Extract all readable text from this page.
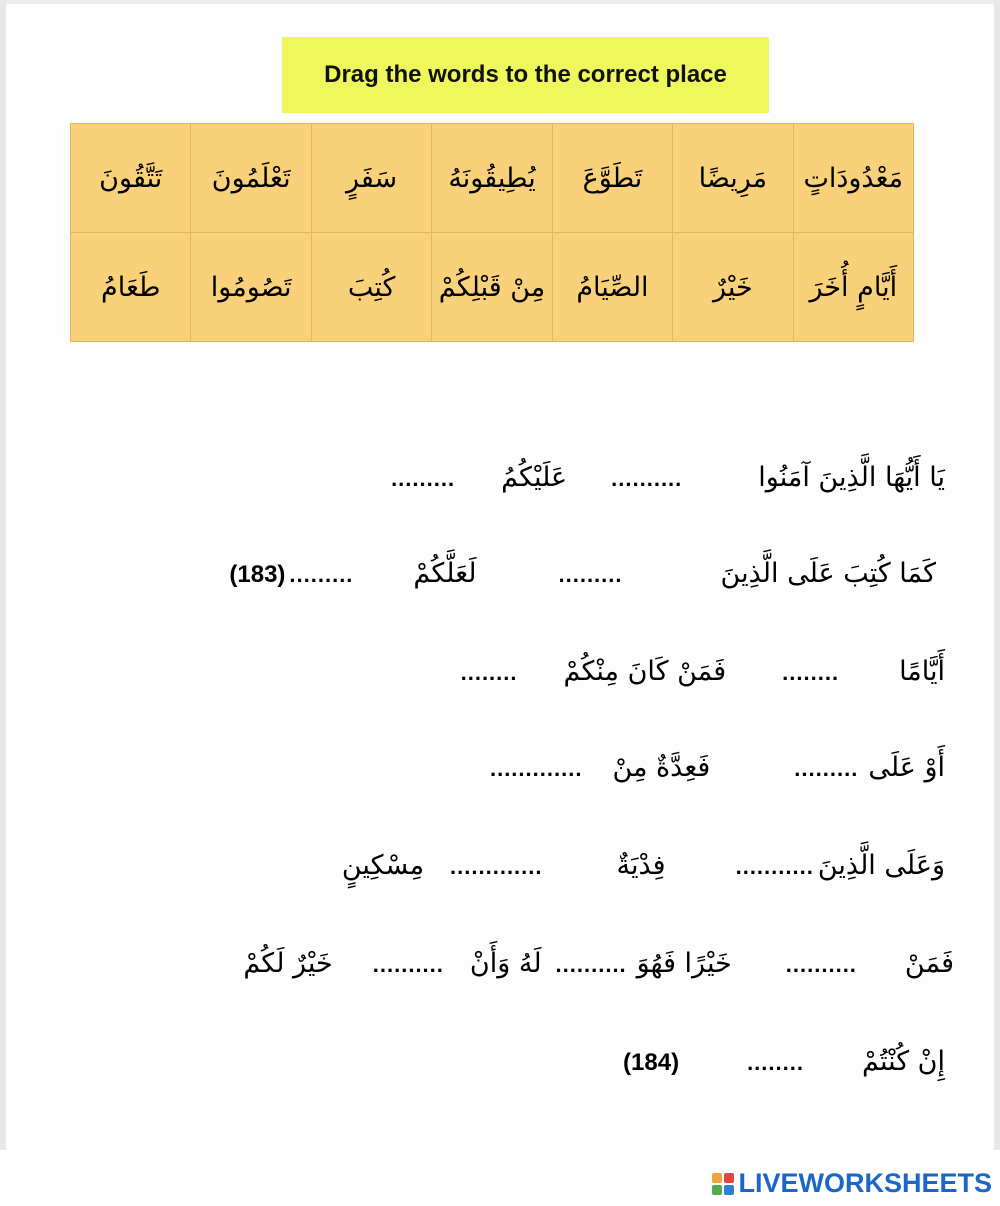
Drag the words to the correct place
مَعْدُودَاتٍ	مَرِيضًا	تَطَوَّعَ	يُطِيقُونَهُ	سَفَرٍ	تَعْلَمُونَ	تَتَّقُونَ
أَيَّامٍ أُخَرَ	خَيْرٌ	الصِّيَامُ	مِنْ قَبْلِكُمْ	كُتِبَ	تَصُومُوا	طَعَامُ
يَا أَيُّهَا الَّذِينَ آمَنُوا
..........
عَلَيْكُمُ
.........
كَمَا كُتِبَ عَلَى الَّذِينَ
.........
لَعَلَّكُمْ
.........
(183)
أَيَّامًا
........
فَمَنْ كَانَ مِنْكُمْ
........
أَوْ عَلَى
.........
فَعِدَّةٌ مِنْ
.............
وَعَلَى الَّذِينَ
...........
فِدْيَةٌ
.............
مِسْكِينٍ
فَمَنْ
..........
خَيْرًا فَهُوَ
..........
لَهُ وَأَنْ
..........
خَيْرٌ لَكُمْ
إِنْ كُنْتُمْ
........
(184)
LIVEWORKSHEETS
